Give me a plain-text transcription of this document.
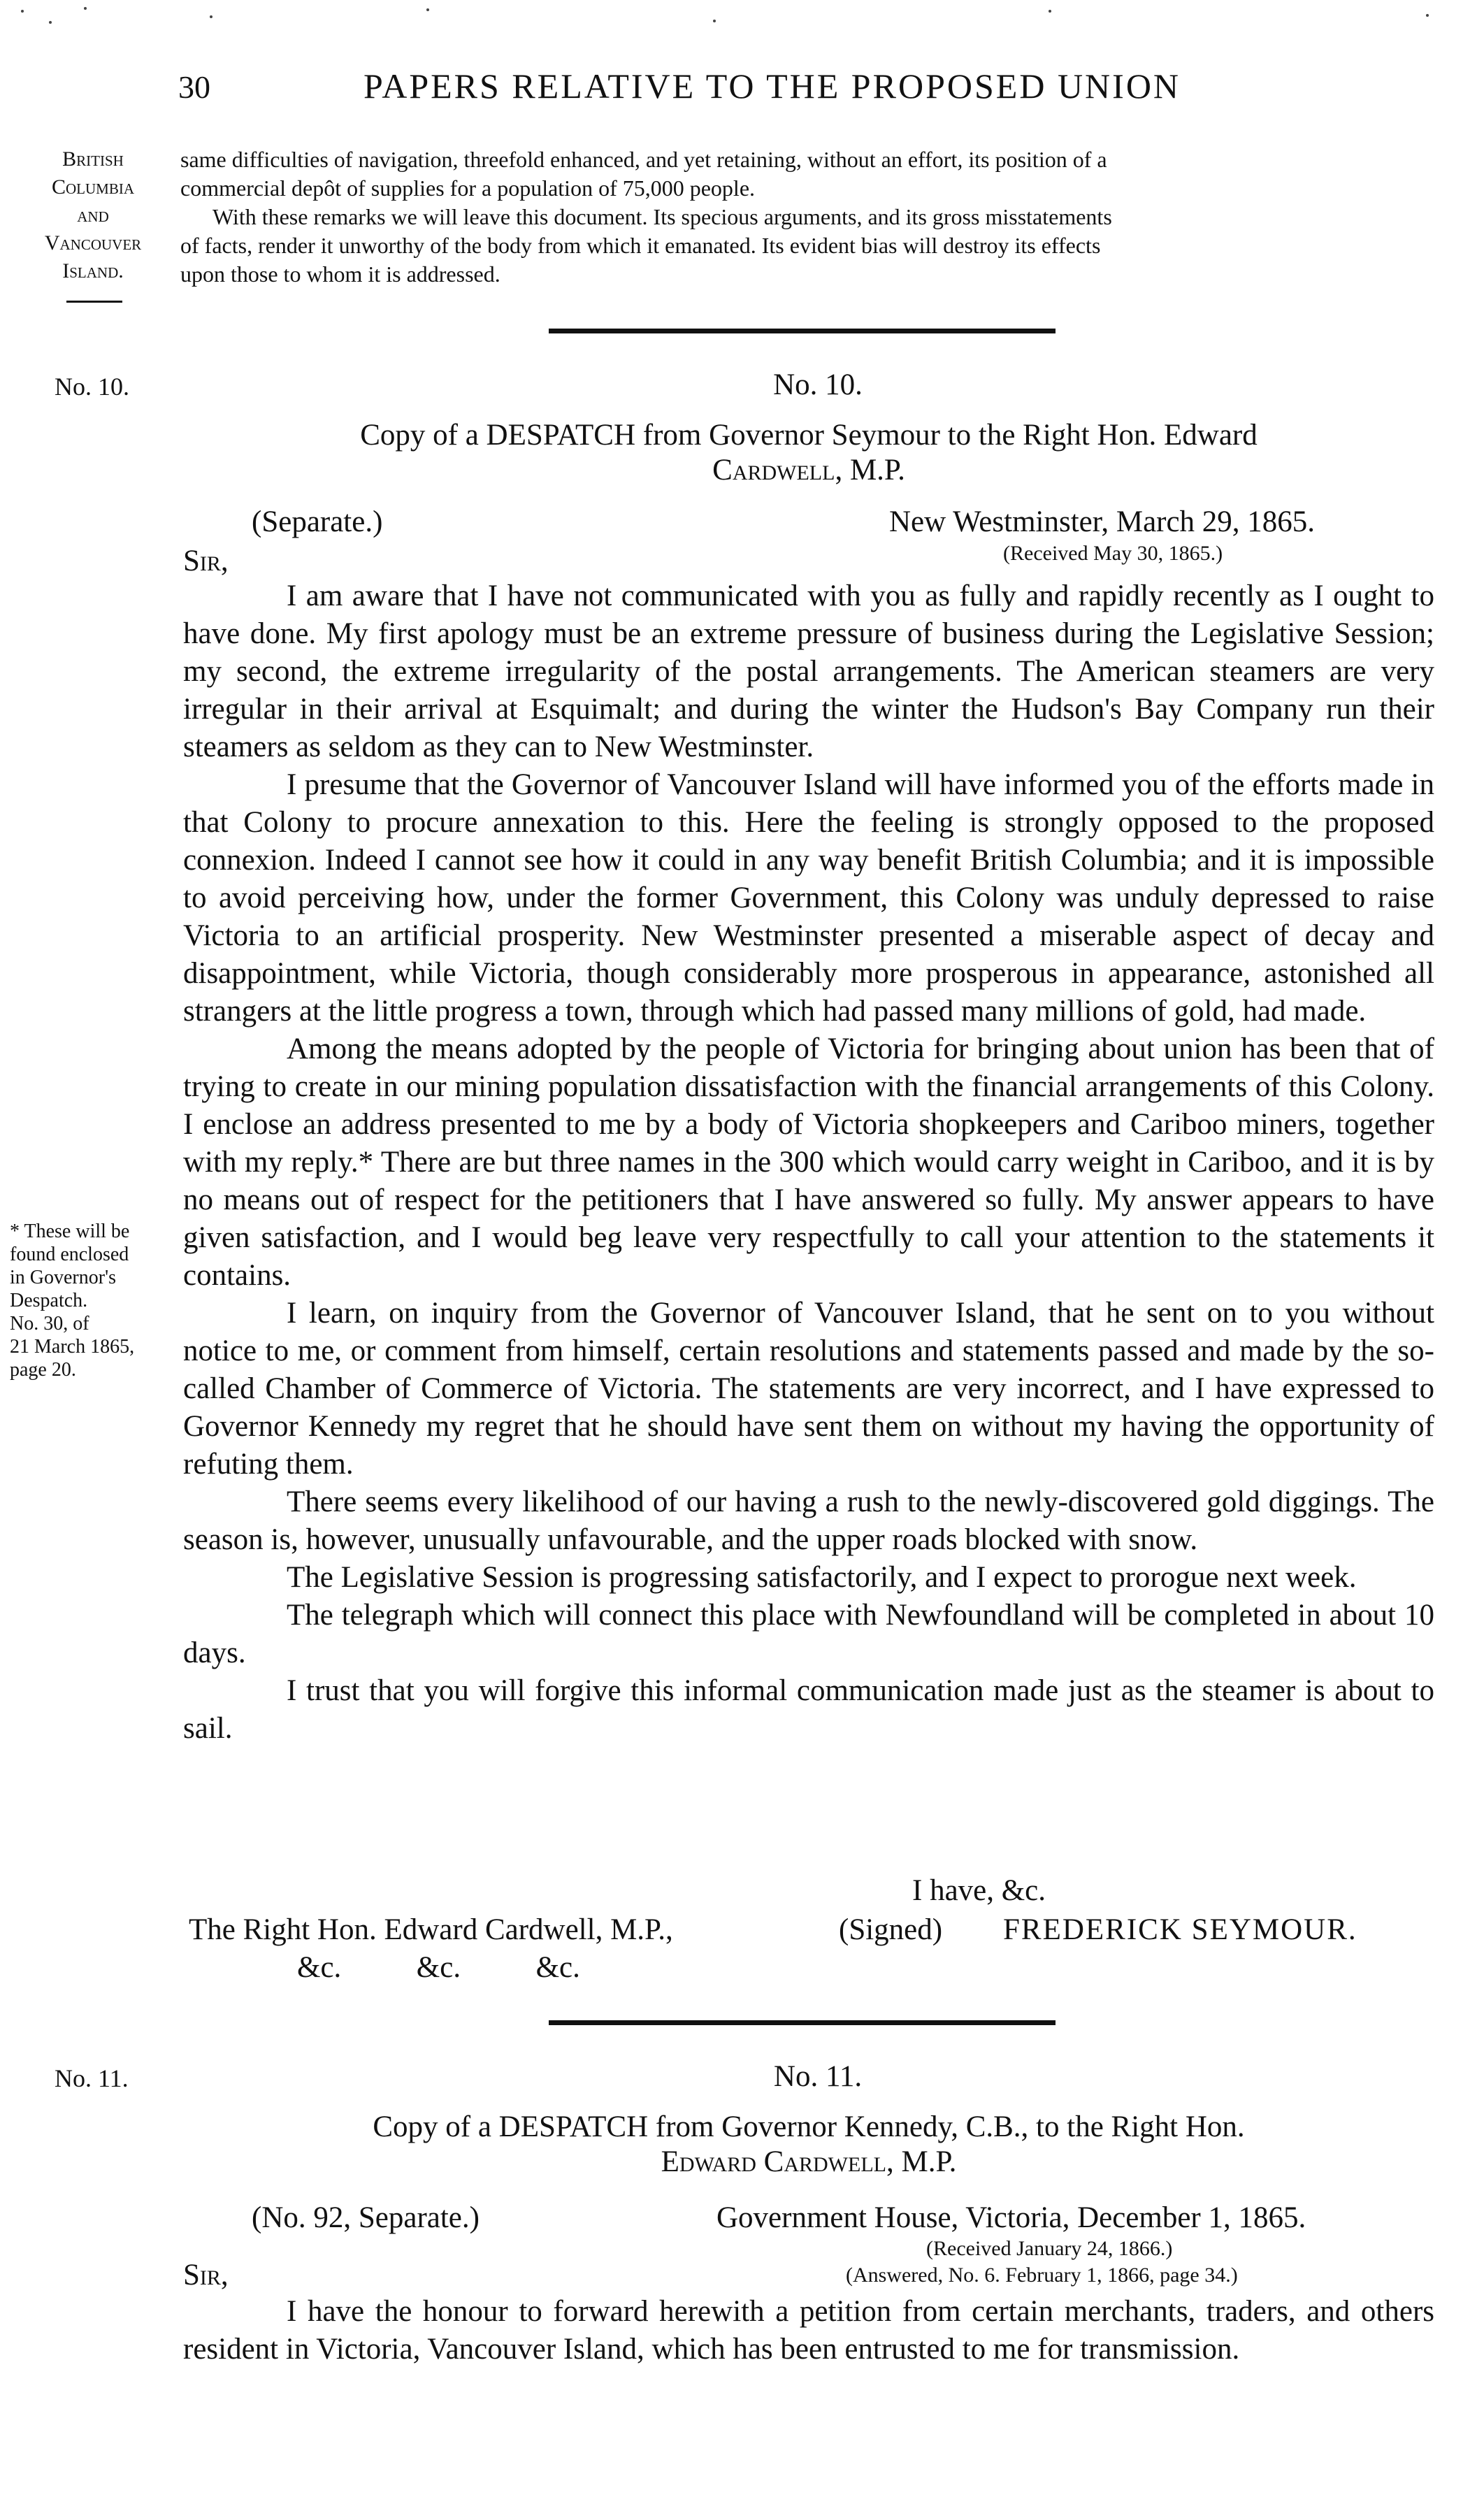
30	PAPERS RELATIVE TO THE PROPOSED UNION
British
Columbia
and
Vancouver
Island.
same difficulties of navigation, threefold enhanced, and yet retaining, without an effort, its position of a
commercial depôt of supplies for a population of 75,000 people.
With these remarks we will leave this document. Its specious arguments, and its gross misstatements
of facts, render it unworthy of the body from which it emanated. Its evident bias will destroy its effects
upon those to whom it is addressed.
No. 10.	No. 10.
Copy of a DESPATCH from Governor Seymour to the Right Hon. Edward
Cardwell, M.P.
(Separate.)	New Westminster, March 29, 1865.
(Received May 30, 1865.)
Sir,

I am aware that I have not communicated with you as fully and rapidly recently as I ought to have done. My first apology must be an extreme pressure of business during the Legislative Session; my second, the extreme irregularity of the postal arrangements. The American steamers are very irregular in their arrival at Esquimalt; and during the winter the Hudson's Bay Company run their steamers as seldom as they can to New Westminster.

I presume that the Governor of Vancouver Island will have informed you of the efforts made in that Colony to procure annexation to this. Here the feeling is strongly opposed to the proposed connexion. Indeed I cannot see how it could in any way benefit British Columbia; and it is impossible to avoid perceiving how, under the former Government, this Colony was unduly depressed to raise Victoria to an artificial prosperity. New Westminster presented a miserable aspect of decay and disappointment, while Victoria, though considerably more prosperous in appearance, astonished all strangers at the little progress a town, through which had passed many millions of gold, had made.

Among the means adopted by the people of Victoria for bringing about union has been that of trying to create in our mining population dissatisfaction with the financial arrangements of this Colony. I enclose an address presented to me by a body of Victoria shopkeepers and Cariboo miners, together with my reply.* There are but three names in the 300 which would carry weight in Cariboo, and it is by no means out of respect for the petitioners that I have answered so fully. My answer appears to have given satisfaction, and I would beg leave very respectfully to call your attention to the statements it contains.

I learn, on inquiry from the Governor of Vancouver Island, that he sent on to you without notice to me, or comment from himself, certain resolutions and statements passed and made by the so-called Chamber of Commerce of Victoria. The statements are very incorrect, and I have expressed to Governor Kennedy my regret that he should have sent them on without my having the opportunity of refuting them.

There seems every likelihood of our having a rush to the newly-discovered gold diggings. The season is, however, unusually unfavourable, and the upper roads blocked with snow.

The Legislative Session is progressing satisfactorily, and I expect to prorogue next week.

The telegraph which will connect this place with Newfoundland will be completed in about 10 days.

I trust that you will forgive this informal communication made just as the steamer is about to sail.

* These will be
found enclosed
in Governor's
Despatch.
No. 30, of
21 March 1865,
page 20.
I have, &c.
The Right Hon. Edward Cardwell, M.P.,
&c.          &c.          &c.
(Signed) FREDERICK SEYMOUR.
No. 11.	No. 11.
Copy of a DESPATCH from Governor Kennedy, C.B., to the Right Hon.
Edward Cardwell, M.P.
(No. 92, Separate.)	Government House, Victoria, December 1, 1865.
(Received January 24, 1866.)
(Answered, No. 6. February 1, 1866, page 34.)
Sir,

I have the honour to forward herewith a petition from certain merchants, traders, and others resident in Victoria, Vancouver Island, which has been entrusted to me for transmission.
